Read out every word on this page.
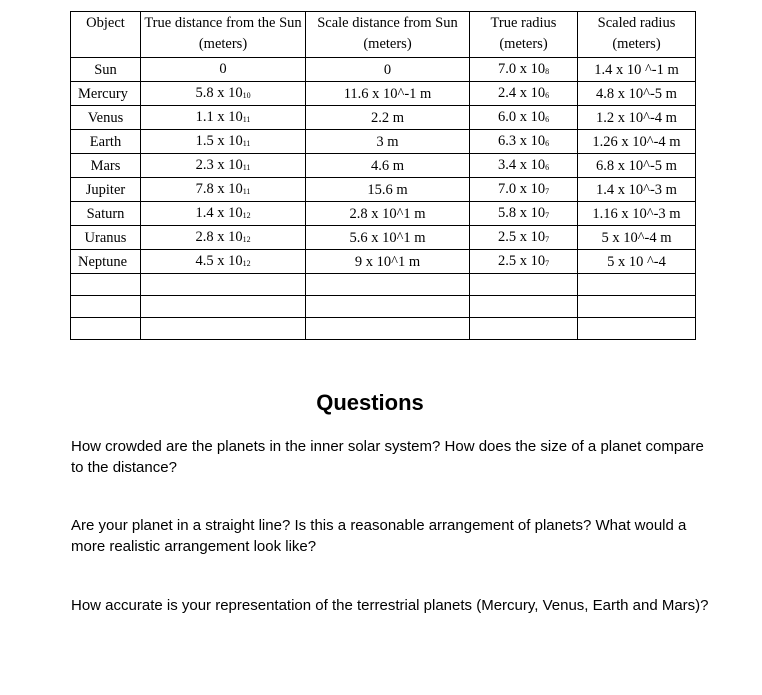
Object	True distance from the Sun (meters)	Scale distance from Sun (meters)	True radius (meters)	Scaled radius (meters)
Sun	0	0	7.0 x 108	1.4 x 10 ^-1 m
Mercury	5.8 x 1010	11.6 x 10^-1 m	2.4 x 106	4.8 x 10^-5 m
Venus	1.1 x 1011	2.2 m	6.0 x 106	1.2 x 10^-4 m
Earth	1.5 x 1011	3 m	6.3 x 106	1.26 x 10^-4 m
Mars	2.3 x 1011	4.6 m	3.4 x 106	6.8 x 10^-5 m
Jupiter	7.8 x 1011	15.6 m	7.0 x 107	1.4 x 10^-3 m
Saturn	1.4 x 1012	2.8 x 10^1 m	5.8 x 107	1.16 x 10^-3 m
Uranus	2.8 x 1012	5.6 x 10^1 m	2.5 x 107	5 x 10^-4 m
Neptune	4.5 x 1012	9 x 10^1 m	2.5 x 107	5 x 10 ^-4

Questions
How crowded are the planets in the inner solar system? How does the size of a planet compare to the distance?
Are your planet in a straight line? Is this a reasonable arrangement of planets? What would a more realistic arrangement look like?
How accurate is your representation of the terrestrial planets (Mercury, Venus, Earth and Mars)?
